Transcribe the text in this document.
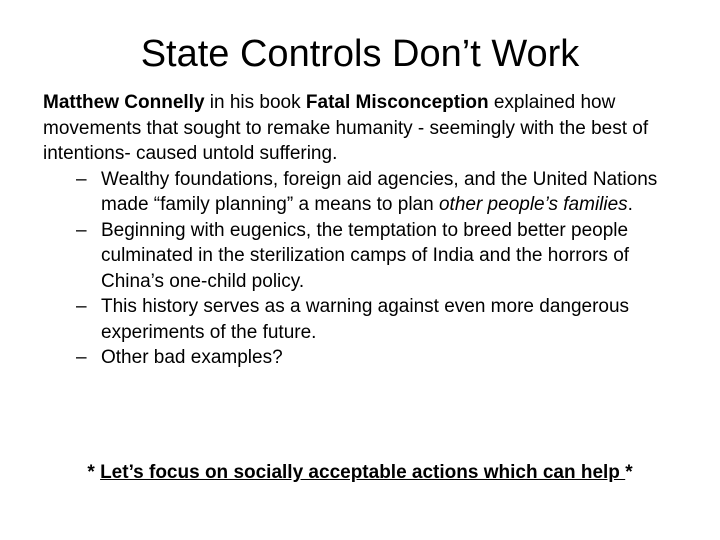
State Controls Don’t Work

Matthew Connelly in his book Fatal Misconception explained how movements that sought to remake humanity - seemingly with the best of intentions- caused untold suffering.

– Wealthy foundations, foreign aid agencies, and the United Nations made “family planning” a means to plan other people’s families.
– Beginning with eugenics, the temptation to breed better people culminated in the sterilization camps of India and the horrors of China’s one-child policy.
– This history serves as a warning against even more dangerous experiments of the future.
– Other bad examples?
* Let’s focus on socially acceptable actions which can help *
